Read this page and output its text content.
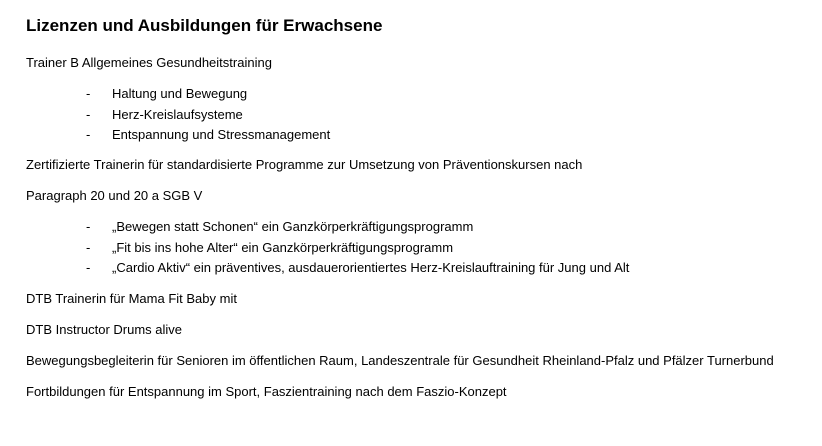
Lizenzen und Ausbildungen für Erwachsene

Trainer B Allgemeines Gesundheitstraining

- Haltung und Bewegung
- Herz-Kreislaufsysteme
- Entspannung und Stressmanagement

Zertifizierte Trainerin für standardisierte Programme zur Umsetzung von Präventionskursen nach

Paragraph 20 und 20 a SGB V

- „Bewegen statt Schonen“ ein Ganzkörperkräftigungsprogramm
- „Fit bis ins hohe Alter“ ein Ganzkörperkräftigungsprogramm
- „Cardio Aktiv“ ein präventives, ausdauerorientiertes Herz-Kreislauftraining für Jung und Alt

DTB Trainerin für Mama Fit Baby mit

DTB Instructor Drums alive

Bewegungsbegleiterin für Senioren im öffentlichen Raum, Landeszentrale für Gesundheit Rheinland-Pfalz und Pfälzer Turnerbund

Fortbildungen für Entspannung im Sport, Faszientraining nach dem Faszio-Konzept
